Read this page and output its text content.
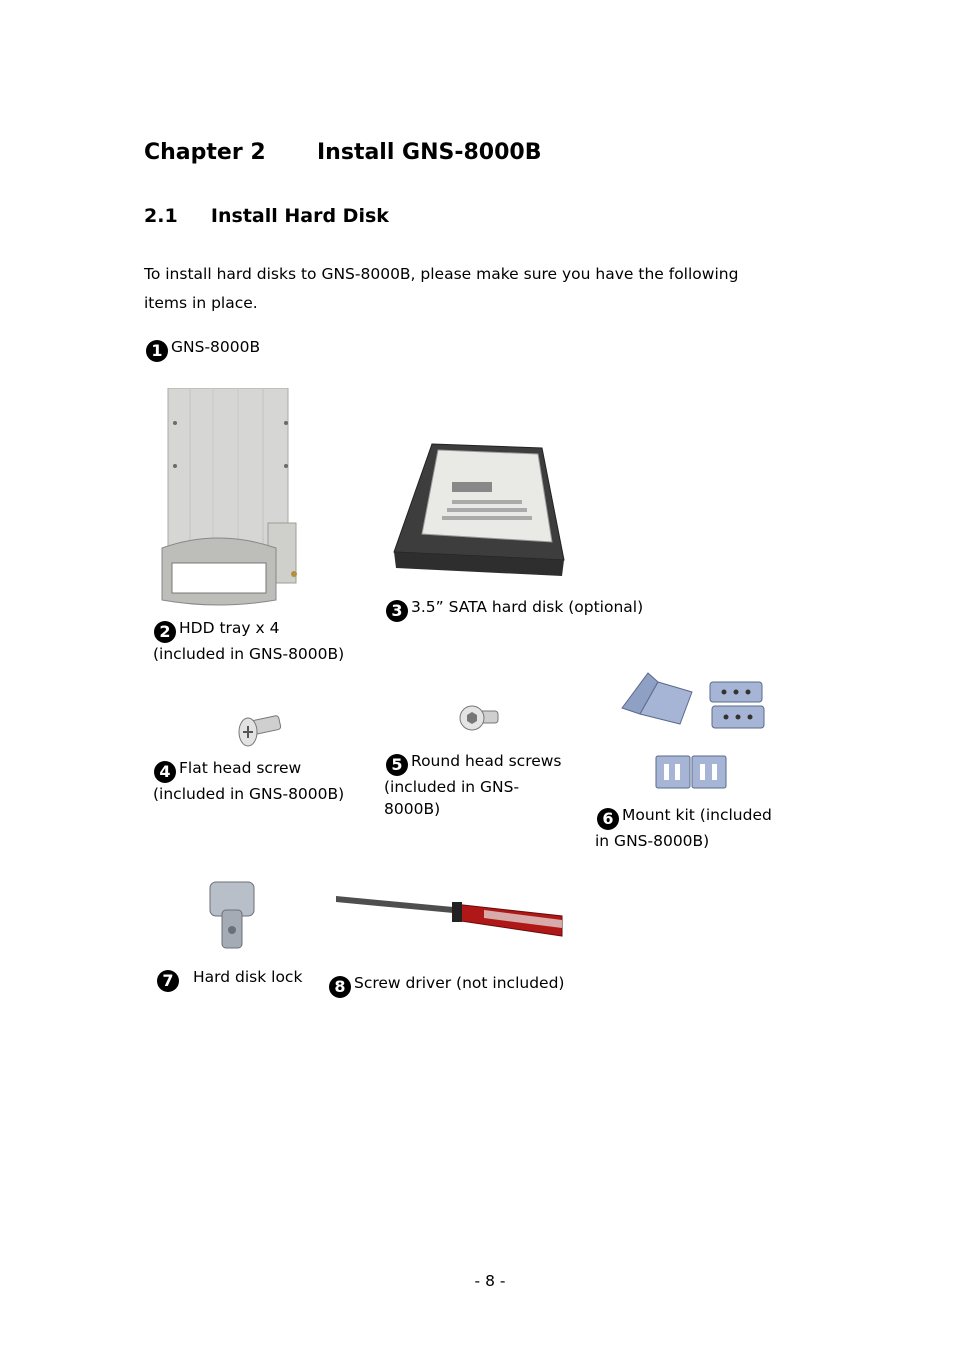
Chapter 2 Install GNS-8000B
2.1 Install Hard Disk
To install hard disks to GNS-8000B, please make sure you have the following
items in place.
1 GNS-8000B
3 3.5” SATA hard disk (optional)
2 HDD tray x 4
(included in GNS-8000B)
5 Round head screws
(included in GNS-
8000B)
4 Flat head screw
(included in GNS-8000B)
6 Mount kit (included
in GNS-8000B)
7 Hard disk lock	8 Screw driver (not included)
- 8 -
